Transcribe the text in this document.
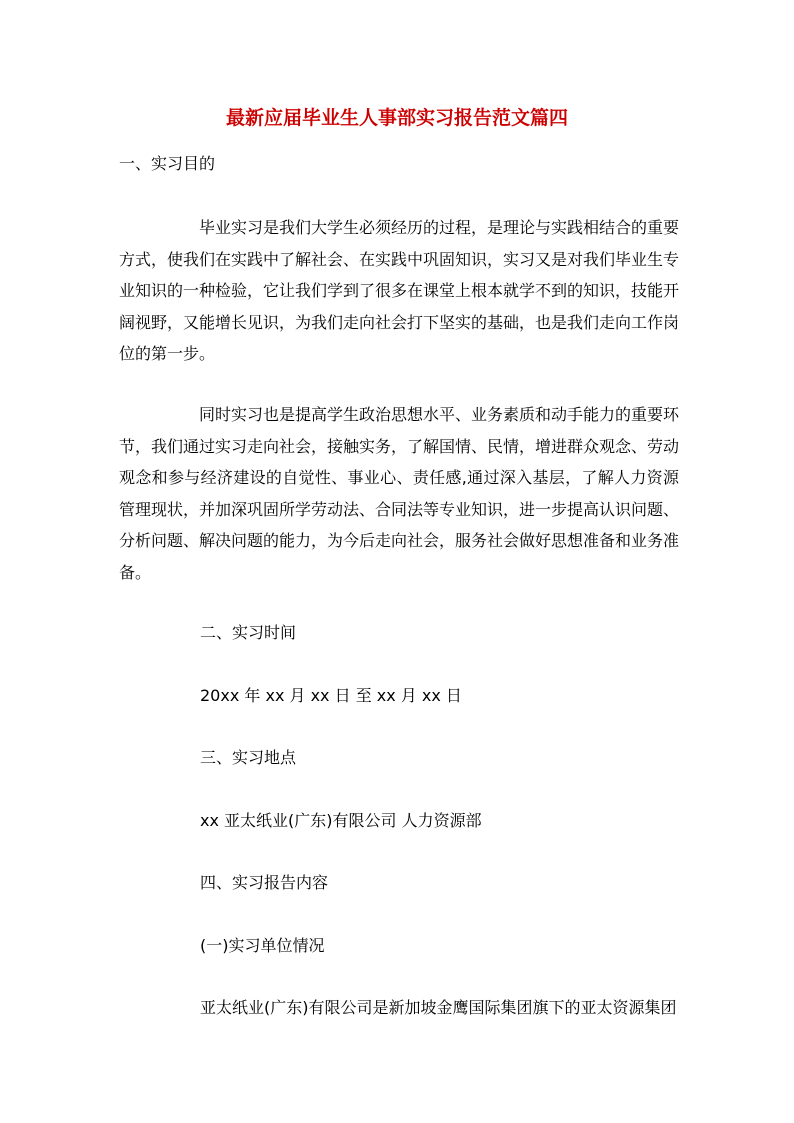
最新应届毕业生人事部实习报告范文篇四
一、实习目的
毕业实习是我们大学生必须经历的过程，是理论与实践相结合的重要方式，使我们在实践中了解社会、在实践中巩固知识，实习又是对我们毕业生专业知识的一种检验，它让我们学到了很多在课堂上根本就学不到的知识，技能开阔视野，又能增长见识，为我们走向社会打下坚实的基础，也是我们走向工作岗位的第一步。
同时实习也是提高学生政治思想水平、业务素质和动手能力的重要环节，我们通过实习走向社会，接触实务，了解国情、民情，增进群众观念、劳动观念和参与经济建设的自觉性、事业心、责任感,通过深入基层，了解人力资源管理现状，并加深巩固所学劳动法、合同法等专业知识，进一步提高认识问题、分析问题、解决问题的能力，为今后走向社会，服务社会做好思想准备和业务准备。
二、实习时间
20xx 年 xx 月 xx 日 至 xx 月 xx 日
三、实习地点
xx 亚太纸业(广东)有限公司 人力资源部
四、实习报告内容
(一)实习单位情况
亚太纸业(广东)有限公司是新加坡金鹰国际集团旗下的亚太资源集团
